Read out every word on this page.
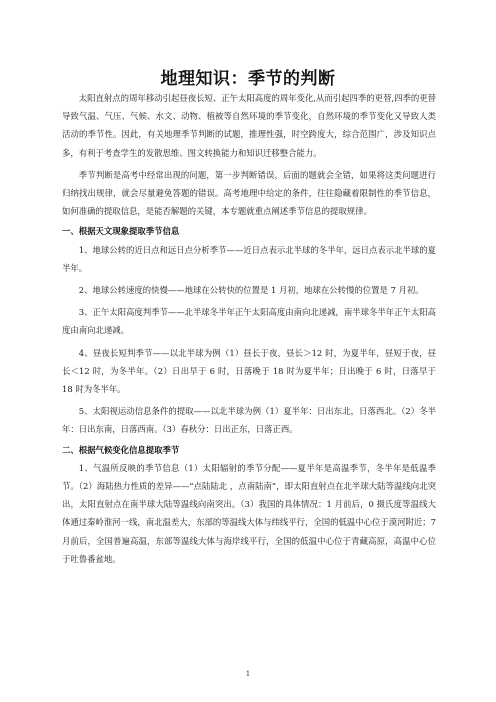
地理知识：季节的判断

太阳直射点的周年移动引起昼夜长短、正午太阳高度的周年变化,从而引起四季的更替,四季的更替导致气温、气压、气候、水文、动物、植被等自然环境的季节变化，自然环境的季节变化又导致人类活动的季节性。因此，有关地理季节判断的试题，推理性强，时空跨度大，综合范围广，涉及知识点多，有利于考查学生的发散思维、图文转换能力和知识迁移整合能力。

季节判断是高考中经常出现的问题，第一步判断错误，后面的题就会全错，如果将这类问题进行归纳找出规律，就会尽量避免答题的错误。高考地理中给定的条件，往往隐藏着限制性的季节信息，如何准确的提取信息，是能否解题的关键，本专题就重点阐述季节信息的提取规律。

一、根据天文现象提取季节信息

1、地球公转的近日点和远日点分析季节——近日点表示北半球的冬半年，远日点表示北半球的夏半年。

2、地球公转速度的快慢——地球在公转快的位置是 1 月初，地球在公转慢的位置是 7 月初。

3、正午太阳高度判季节——北半球冬半年正午太阳高度由南向北递减，南半球冬半年正午太阳高度由南向北递减。

4、昼夜长短判季节——以北半球为例（1）昼长于夜，昼长＞12 时，为夏半年，昼短于夜，昼长＜12 时，为冬半年。（2）日出早于 6 时，日落晚于 18 时为夏半年；日出晚于 6 时，日落早于 18 时为冬半年。

5、太阳视运动信息条件的提取——以北半球为例（1）夏半年：日出东北，日落西北。（2）冬半年：日出东南，日落西南。（3）春秋分：日出正东，日落正西。

二、根据气候变化信息提取季节

1、气温所反映的季节信息（1）太阳辐射的季节分配——夏半年是高温季节，冬半年是低温季节。（2）海陆热力性质的差异——“点陆陆北 ，点南陆南”，即太阳直射点在北半球大陆等温线向北突出，太阳直射点在南半球大陆等温线向南突出。（3）我国的具体情况：1 月前后，0 摄氏度等温线大体通过秦岭淮河一线，南北温差大，东部的等温线大体与纬线平行，全国的低温中心位于漠河附近；7 月前后，全国普遍高温，东部等温线大体与海岸线平行，全国的低温中心位于青藏高原，高温中心位于吐鲁番盆地。

1
